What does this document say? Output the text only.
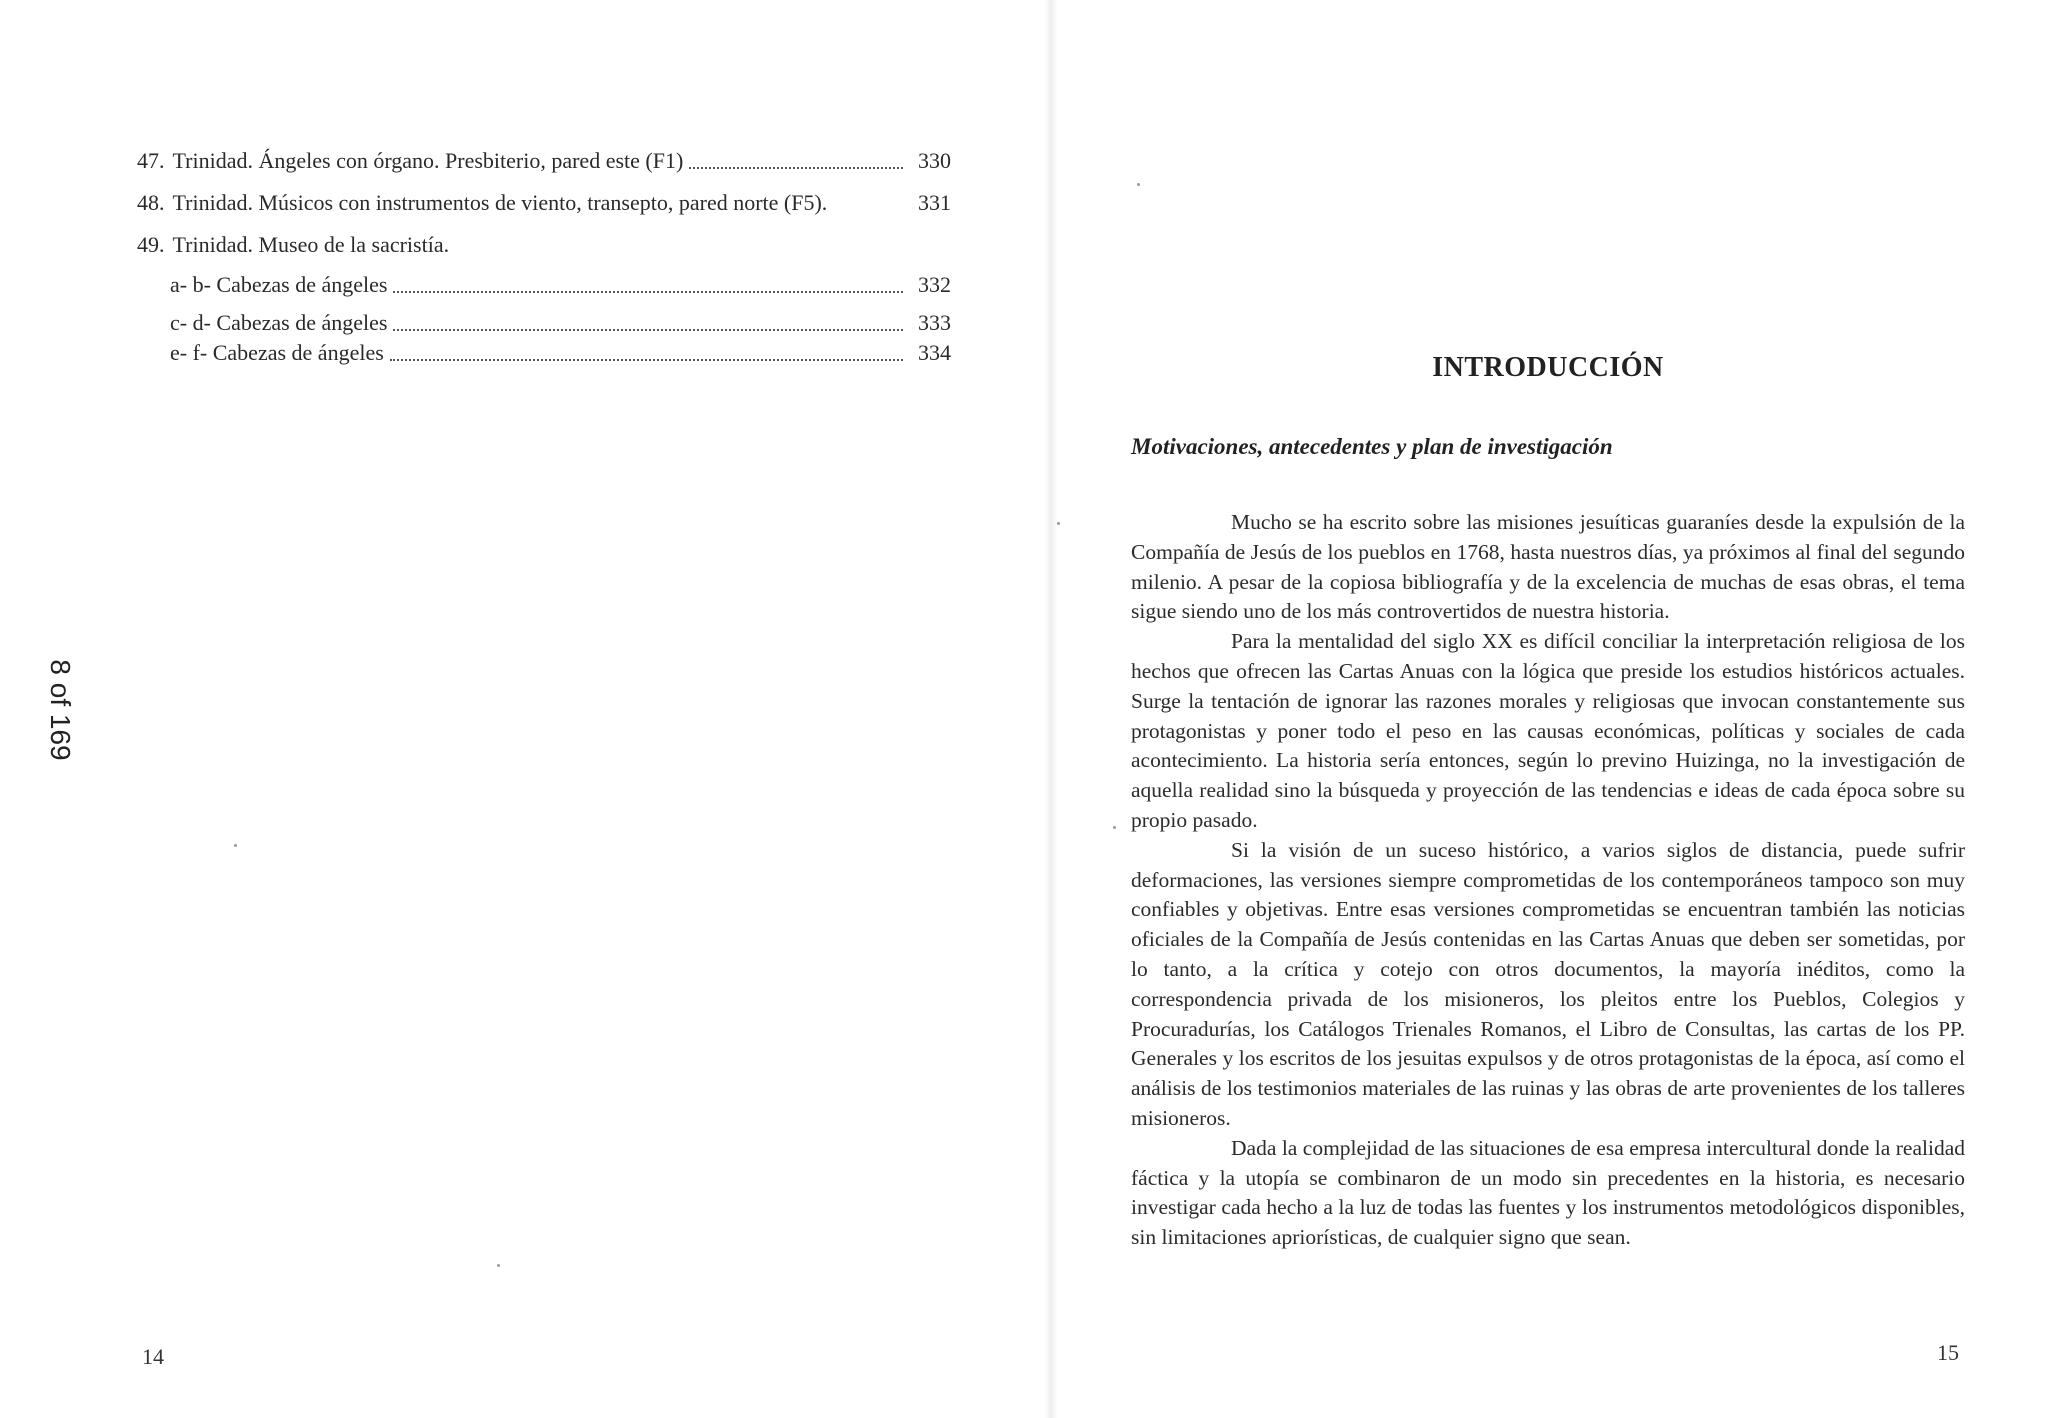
47. Trinidad. Ángeles con órgano. Presbiterio, pared este (F1)	330
48. Trinidad. Músicos con instrumentos de viento, transepto, pared norte (F5).	331
49. Trinidad. Museo de la sacristía.
a- b- Cabezas de ángeles	332
c- d- Cabezas de ángeles	333
e- f- Cabezas de ángeles	334
8 of 169
14
INTRODUCCIÓN
Motivaciones, antecedentes y plan de investigación

Mucho se ha escrito sobre las misiones jesuíticas guaraníes desde la expulsión de la Compañía de Jesús de los pueblos en 1768, hasta nuestros días, ya próximos al final del segundo milenio. A pesar de la copiosa bibliografía y de la excelencia de muchas de esas obras, el tema sigue siendo uno de los más controvertidos de nuestra historia.

Para la mentalidad del siglo XX es difícil conciliar la interpretación religiosa de los hechos que ofrecen las Cartas Anuas con la lógica que preside los estudios históricos actuales. Surge la tentación de ignorar las razones morales y religiosas que invocan constantemente sus protagonistas y poner todo el peso en las causas económicas, políticas y sociales de cada acontecimiento. La historia sería entonces, según lo previno Huizinga, no la investigación de aquella realidad sino la búsqueda y proyección de las tendencias e ideas de cada época sobre su propio pasado.

Si la visión de un suceso histórico, a varios siglos de distancia, puede sufrir deformaciones, las versiones siempre comprometidas de los contemporáneos tampoco son muy confiables y objetivas. Entre esas versiones comprometidas se encuentran también las noticias oficiales de la Compañía de Jesús contenidas en las Cartas Anuas que deben ser sometidas, por lo tanto, a la crítica y cotejo con otros documentos, la mayoría inéditos, como la correspondencia privada de los misioneros, los pleitos entre los Pueblos, Colegios y Procuradurías, los Catálogos Trienales Romanos, el Libro de Consultas, las cartas de los PP. Generales y los escritos de los jesuitas expulsos y de otros protagonistas de la época, así como el análisis de los testimonios materiales de las ruinas y las obras de arte provenientes de los talleres misioneros.

Dada la complejidad de las situaciones de esa empresa intercultural donde la realidad fáctica y la utopía se combinaron de un modo sin precedentes en la historia, es necesario investigar cada hecho a la luz de todas las fuentes y los instrumentos metodológicos disponibles, sin limitaciones apriorísticas, de cualquier signo que sean.

15
